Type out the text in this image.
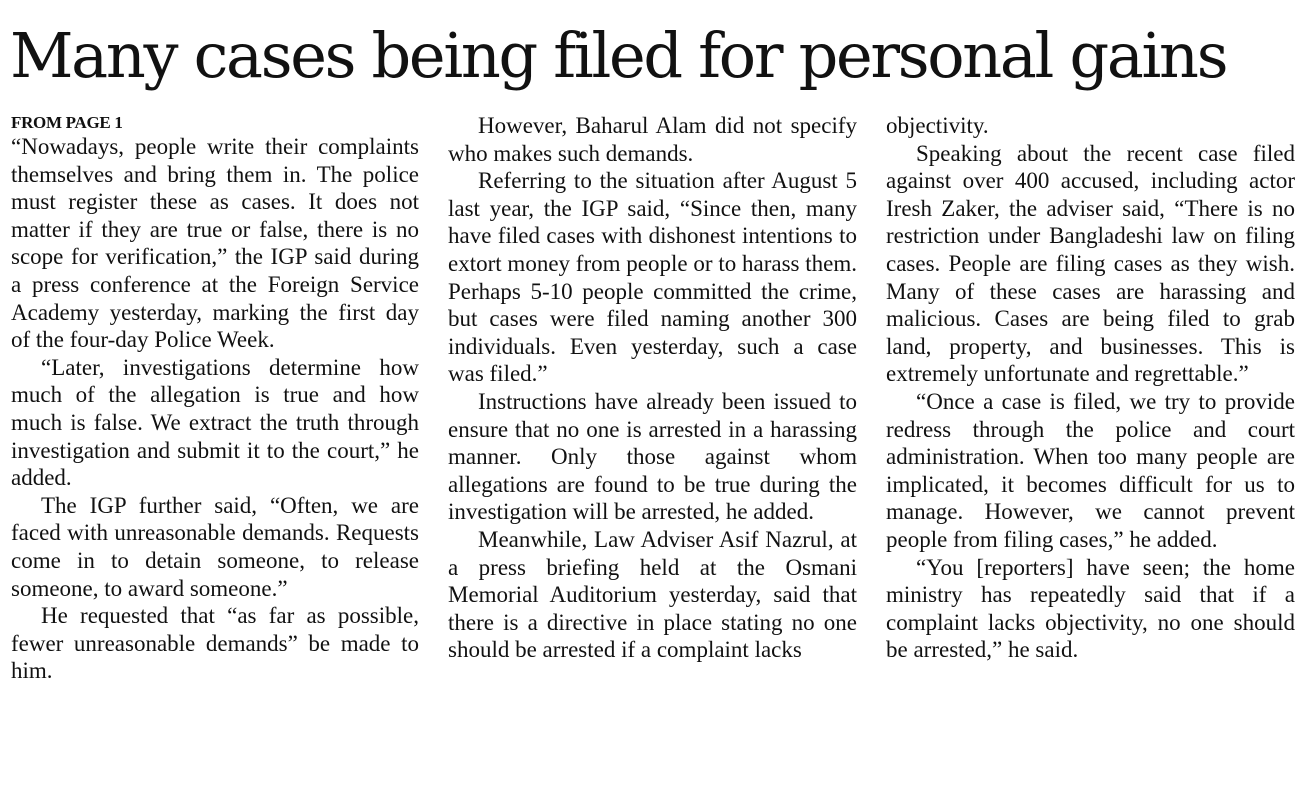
Many cases being filed for personal gains
FROM PAGE 1

“Nowadays, people write their complaints themselves and bring them in. The police must register these as cases. It does not matter if they are true or false, there is no scope for verification,” the IGP said during a press conference at the Foreign Service Academy yesterday, marking the first day of the four-day Police Week.

“Later, investigations determine how much of the allegation is true and how much is false. We extract the truth through investigation and submit it to the court,” he added.

The IGP further said, “Often, we are faced with unreasonable demands. Requests come in to detain someone, to release someone, to award someone.”

He requested that “as far as possible, fewer unreasonable demands” be made to him.

However, Baharul Alam did not specify who makes such demands.

Referring to the situation after August 5 last year, the IGP said, “Since then, many have filed cases with dishonest intentions to extort money from people or to harass them. Perhaps 5-10 people committed the crime, but cases were filed naming another 300 individuals. Even yesterday, such a case was filed.”

Instructions have already been issued to ensure that no one is arrested in a harassing manner. Only those against whom allegations are found to be true during the investigation will be arrested, he added.

Meanwhile, Law Adviser Asif Nazrul, at a press briefing held at the Osmani Memorial Auditorium yesterday, said that there is a directive in place stating no one should be arrested if a complaint lacks

objectivity.

Speaking about the recent case filed against over 400 accused, including actor Iresh Zaker, the adviser said, “There is no restriction under Bangladeshi law on filing cases. People are filing cases as they wish. Many of these cases are harassing and malicious. Cases are being filed to grab land, property, and businesses. This is extremely unfortunate and regrettable.”

“Once a case is filed, we try to provide redress through the police and court administration. When too many people are implicated, it becomes difficult for us to manage. However, we cannot prevent people from filing cases,” he added.

“You [reporters] have seen; the home ministry has repeatedly said that if a complaint lacks objectivity, no one should be arrested,” he said.
